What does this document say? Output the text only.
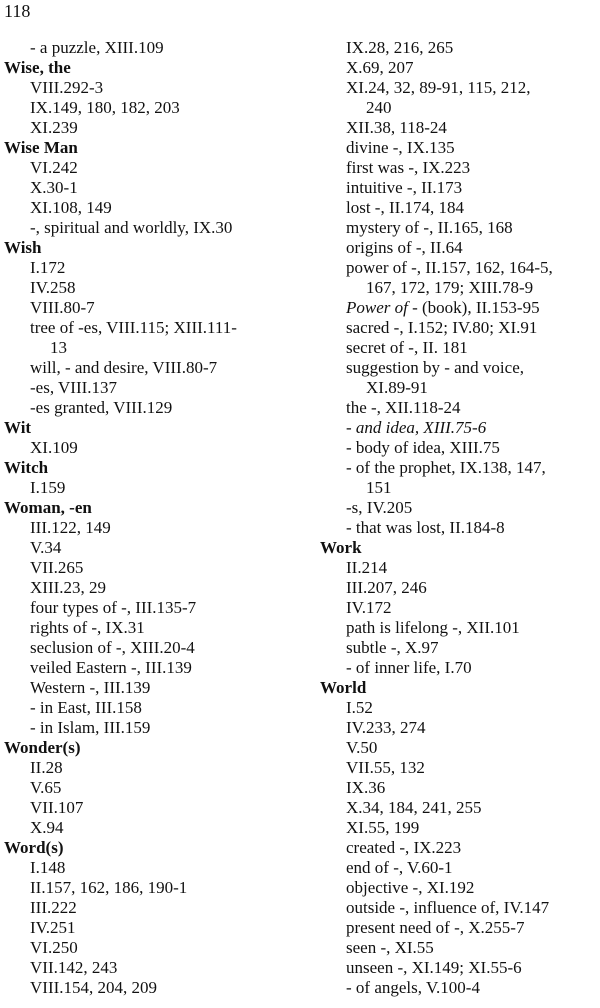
118
- a puzzle, XIII.109
Wise, the
VIII.292-3
IX.149, 180, 182, 203
XI.239
Wise Man
VI.242
X.30-1
XI.108, 149
-, spiritual and worldly, IX.30
Wish
I.172
IV.258
VIII.80-7
tree of -es, VIII.115; XIII.111-
13
will, - and desire, VIII.80-7
-es, VIII.137
-es granted, VIII.129
Wit
XI.109
Witch
I.159
Woman, -en
III.122, 149
V.34
VII.265
XIII.23, 29
four types of -, III.135-7
rights of -, IX.31
seclusion of -, XIII.20-4
veiled Eastern -, III.139
Western -, III.139
- in East, III.158
- in Islam, III.159
Wonder(s)
II.28
V.65
VII.107
X.94
Word(s)
I.148
II.157, 162, 186, 190-1
III.222
IV.251
VI.250
VII.142, 243
VIII.154, 204, 209
IX.28, 216, 265
X.69, 207
XI.24, 32, 89-91, 115, 212,
240
XII.38, 118-24
divine -, IX.135
first was -, IX.223
intuitive -, II.173
lost -, II.174, 184
mystery of -, II.165, 168
origins of -, II.64
power of -, II.157, 162, 164-5,
167, 172, 179; XIII.78-9
Power of - (book), II.153-95
sacred -, I.152; IV.80; XI.91
secret of -, II. 181
suggestion by - and voice,
XI.89-91
the -, XII.118-24
- and idea, XIII.75-6
- body of idea, XIII.75
- of the prophet, IX.138, 147,
151
-s, IV.205
- that was lost, II.184-8
Work
II.214
III.207, 246
IV.172
path is lifelong -, XII.101
subtle -, X.97
- of inner life, I.70
World
I.52
IV.233, 274
V.50
VII.55, 132
IX.36
X.34, 184, 241, 255
XI.55, 199
created -, IX.223
end of -, V.60-1
objective -, XI.192
outside -, influence of, IV.147
present need of -, X.255-7
seen -, XI.55
unseen -, XI.149; XI.55-6
- of angels, V.100-4
